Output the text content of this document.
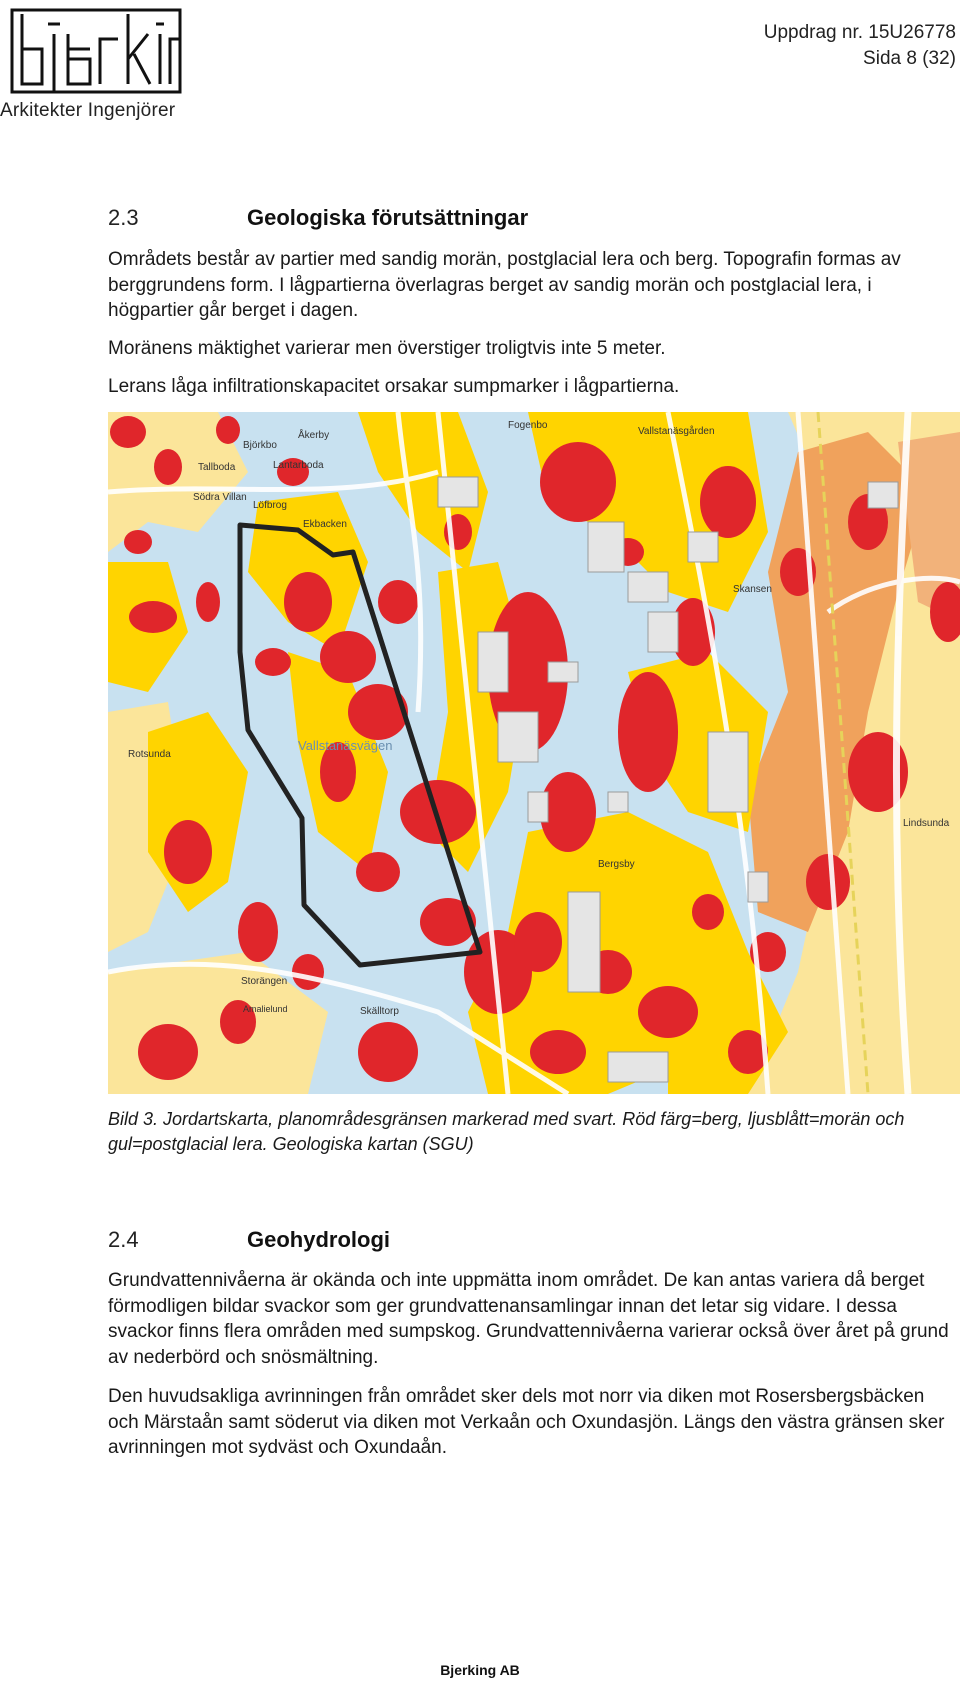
Arkitekter Ingenjörer
Uppdrag nr. 15U26778
Sida 8 (32)
2.3	Geologiska förutsättningar

Områdets består av partier med sandig morän, postglacial lera och berg. Topografin formas av berggrundens form. I lågpartierna överlagras berget av sandig morän och postglacial lera, i högpartier går berget i dagen.

Moränens mäktighet varierar men överstiger troligtvis inte 5 meter.

Lerans låga infiltrationskapacitet orsakar sumpmarker i lågpartierna.

Björkbo
Åkerby
Tallboda	Lantarboda
Södra Villan
Löfbrog
Ekbacken
Fogenbo
Rotsunda
Vallstanäsvägen
Vallstanäsgården
Skansen
Storängen
Amalielund	Skälltorp
Bergsby
Lindsunda
Bild 3. Jordartskarta, planområdesgränsen markerad med svart. Röd färg=berg, ljusblått=morän och gul=postglacial lera. Geologiska kartan (SGU)
2.4	Geohydrologi

Grundvattennivåerna är okända och inte uppmätta inom området. De kan antas variera då berget förmodligen bildar svackor som ger grundvattenansamlingar innan det letar sig vidare. I dessa svackor finns flera områden med sumpskog. Grundvattennivåerna varierar också över året på grund av nederbörd och snösmältning.

Den huvudsakliga avrinningen från området sker dels mot norr via diken mot Rosersbergsbäcken och Märstaån samt söderut via diken mot Verkaån och Oxundasjön. Längs den västra gränsen sker avrinningen mot sydväst och Oxundaån.

Bjerking AB
